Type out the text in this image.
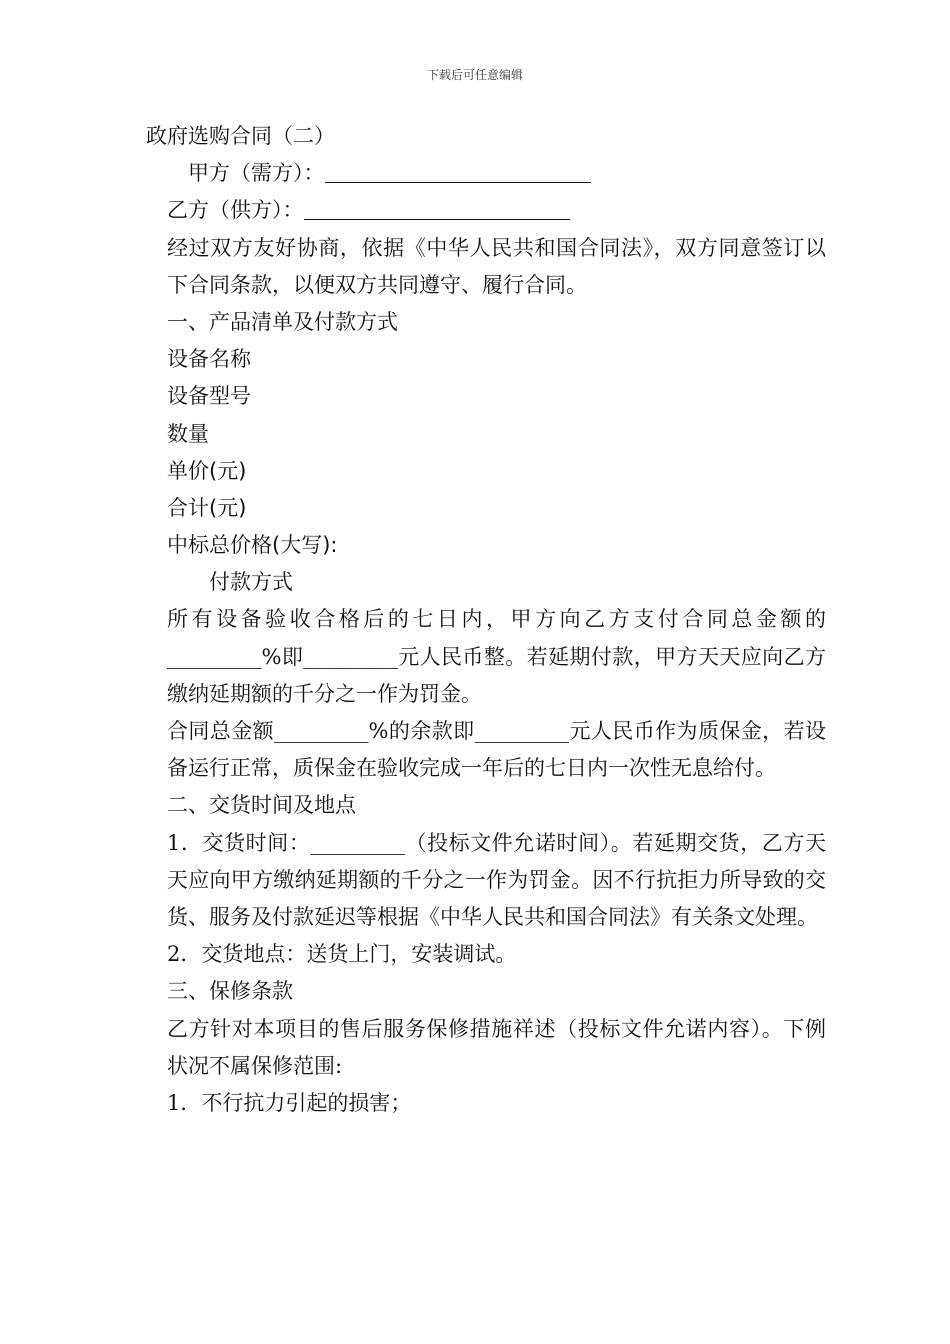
下载后可任意编辑
政府选购合同（二）
甲方（需方）：
乙方（供方）：
经过双方友好协商，依据《中华人民共和国合同法》，双方同意签订以下合同条款，以便双方共同遵守、履行合同。
一、产品清单及付款方式
设备名称
设备型号
数量
单价(元)
合计(元)
中标总价格(大写):
付款方式
所有设备验收合格后的七日内，甲方向乙方支付合同总金额的_________%即_________元人民币整。若延期付款，甲方天天应向乙方缴纳延期额的千分之一作为罚金。
合同总金额_________%的余款即_________元人民币作为质保金，若设备运行正常，质保金在验收完成一年后的七日内一次性无息给付。
二、交货时间及地点
1．交货时间：_________（投标文件允诺时间）。若延期交货，乙方天天应向甲方缴纳延期额的千分之一作为罚金。因不行抗拒力所导致的交货、服务及付款延迟等根据《中华人民共和国合同法》有关条文处理。
2．交货地点：送货上门，安装调试。
三、保修条款
乙方针对本项目的售后服务保修措施祥述（投标文件允诺内容）。下例状况不属保修范围:
1．不行抗力引起的损害；
